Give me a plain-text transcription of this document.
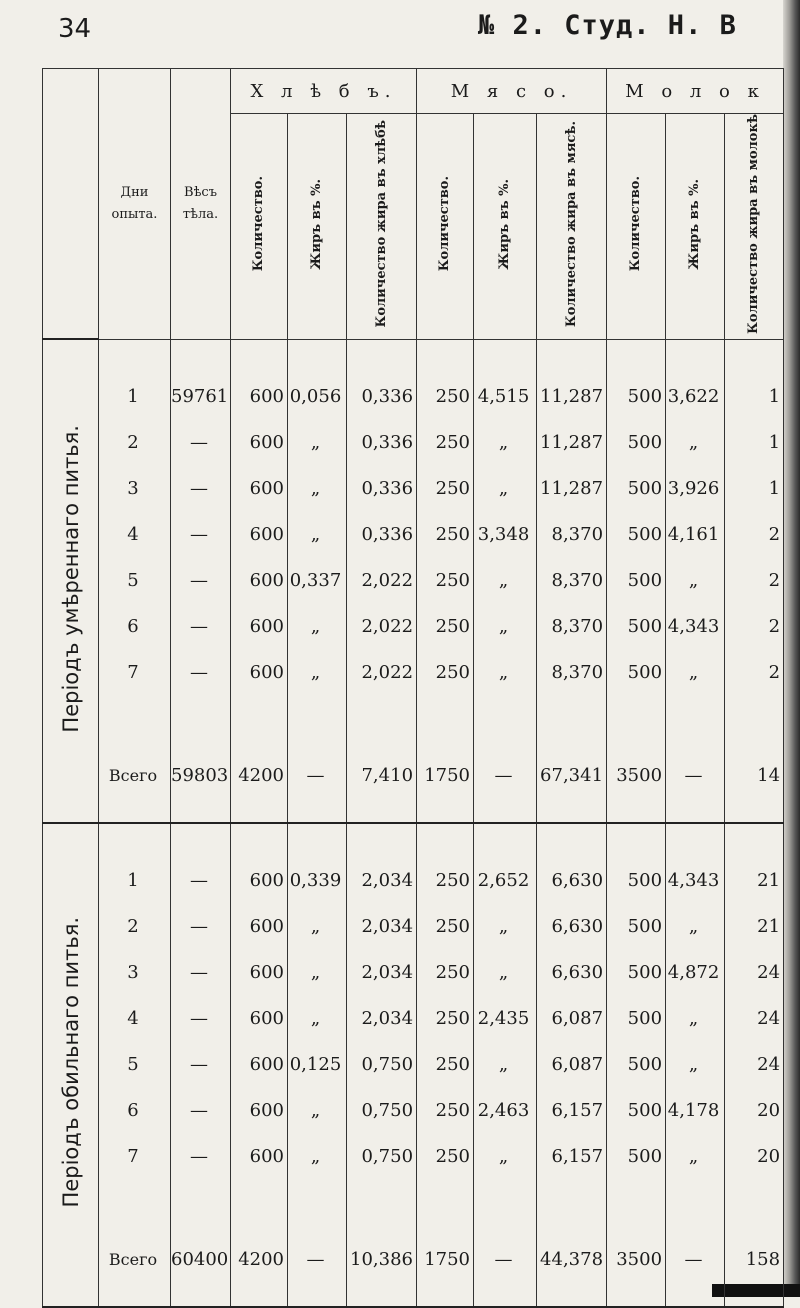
34	№ 2. Студ. Н. В
	Дни опыта.	Вѣсъ тѣла.	Х л ѣ б ъ.			М я с о.			М о л о к		
			Количество.	Жиръ въ %.	Количество жира въ хлѣбѣ	Количество.	Жиръ въ %.	Количество жира въ мясѣ.	Количество.	Жиръ въ %.	Количество жира въ молокѣ
Періодъ умѣреннаго питья.											
	1	59761	600	0,056	0,336	250	4,515	11,287	500	3,622	1
	2	—	600	„	0,336	250	„	11,287	500	„	1
	3	—	600	„	0,336	250	„	11,287	500	3,926	1
	4	—	600	„	0,336	250	3,348	8,370	500	4,161	2
	5	—	600	0,337	2,022	250	„	8,370	500	„	2
	6	—	600	„	2,022	250	„	8,370	500	4,343	2
	7	—	600	„	2,022	250	„	8,370	500	„	2

	Всего	59803	4200	—	7,410	1750	—	67,341	3500	—	14
Періодъ обильнаго питья.											
	1	—	600	0,339	2,034	250	2,652	6,630	500	4,343	21
	2	—	600	„	2,034	250	„	6,630	500	„	21
	3	—	600	„	2,034	250	„	6,630	500	4,872	24
	4	—	600	„	2,034	250	2,435	6,087	500	„	24
	5	—	600	0,125	0,750	250	„	6,087	500	„	24
	6	—	600	„	0,750	250	2,463	6,157	500	4,178	20
	7	—	600	„	0,750	250	„	6,157	500	„	20

	Всего	60400	4200	—	10,386	1750	—	44,378	3500	—	158
